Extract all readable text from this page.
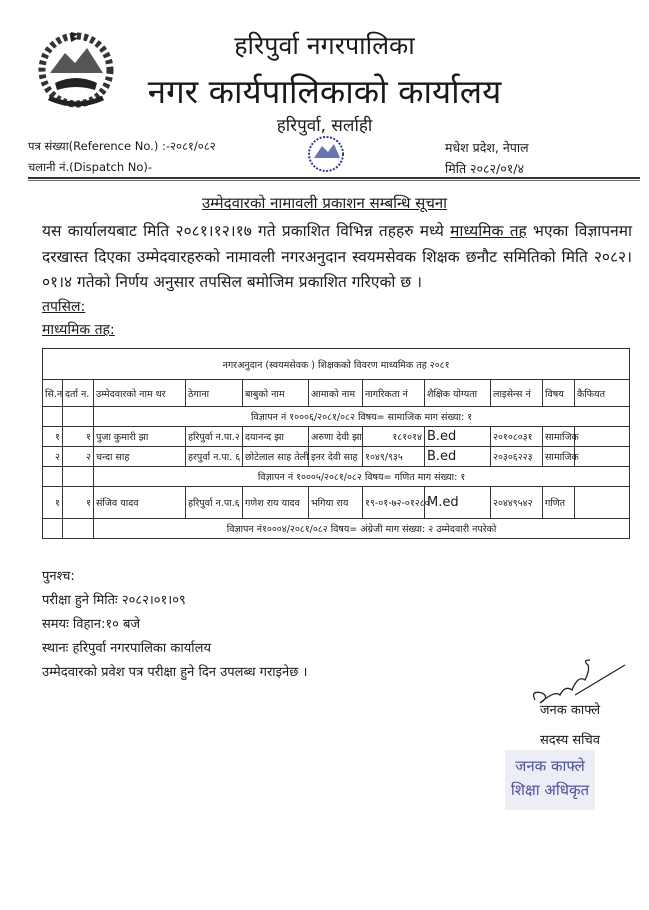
हरिपुर्वा नगरपालिका
नगर कार्यपालिकाको कार्यालय
हरिपुर्वा, सर्लाही
पत्र संख्या(Reference No.) :-२०८१/०८२
चलानी नं.(Dispatch No)-
मधेश प्रदेश, नेपाल
मिति २०८२/०१/४
उम्मेदवारको नामावली प्रकाशन सम्बन्धि सूचना
यस कार्यालयबाट मिति २०८१।१२।१७ गते प्रकाशित विभिन्न तहहरु मध्ये माध्यमिक तह भएका विज्ञापनमा दरखास्त दिएका उम्मेदवारहरुको नामावली नगरअनुदान स्वयमसेवक शिक्षक छनौट समितिको मिति २०८२।०१।४ गतेको निर्णय अनुसार तपसिल बमोजिम प्रकाशित गरिएको छ ।
तपसिल:
माध्यमिक तह:
नगरअनुदान (स्वयमसेवक ) शिक्षकको विवरण माध्यमिक तह २०८१										
सि.न	दर्ता न.	उम्मेदवारको नाम थर	ठेगाना	बाबुको नाम	आमाको नाम	नागरिकता नं	शैक्षिक योग्यता	लाइसेन्स नं	विषय	कैफियत
		विज्ञापन नं १०००६/२०८१/०८२ विषय= सामाजिक माग संख्या: १								
१	१	पुजा कुमारी झा	हरिपुर्वा न.पा.२	दयानन्द झा	अरुणा देवी झा	१८१०१४	B.ed	२०१०८०३१	सामाजिक	
२	२	चन्दा साह	हरपुर्वा न.पा. ६	छोटेलाल साह तेली	इनर देवी साह	१०४९/९३५	B.ed	२०३०६२२३	सामाजिक	
		विज्ञापन नं १०००५/२०८१/०८२ विषय= गणित माग संख्या: १								
१	१	संजिव यादव	हरिपुर्वा न.पा.६	गणेश राय यादव	भगिया राय	१९-०१-७२-०१२८०	M.ed	२०४४९५४२	गणित	
		विज्ञापन नं१०००४/२०८१/०८२ विषय= अंग्रेजी माग संख्या: २ उम्मेदवारी नपरेको								
पुनश्च:
परीक्षा हुने मितिः २०८२।०१।०९
समयः विहान:१० बजे
स्थानः हरिपुर्वा नगरपालिका कार्यालय
उम्मेदवारको प्रवेश पत्र परीक्षा हुने दिन उपलब्ध गराइनेछ ।
जनक काफ्ले
सदस्य सचिव
जनक काफ्ले
शिक्षा अधिकृत
